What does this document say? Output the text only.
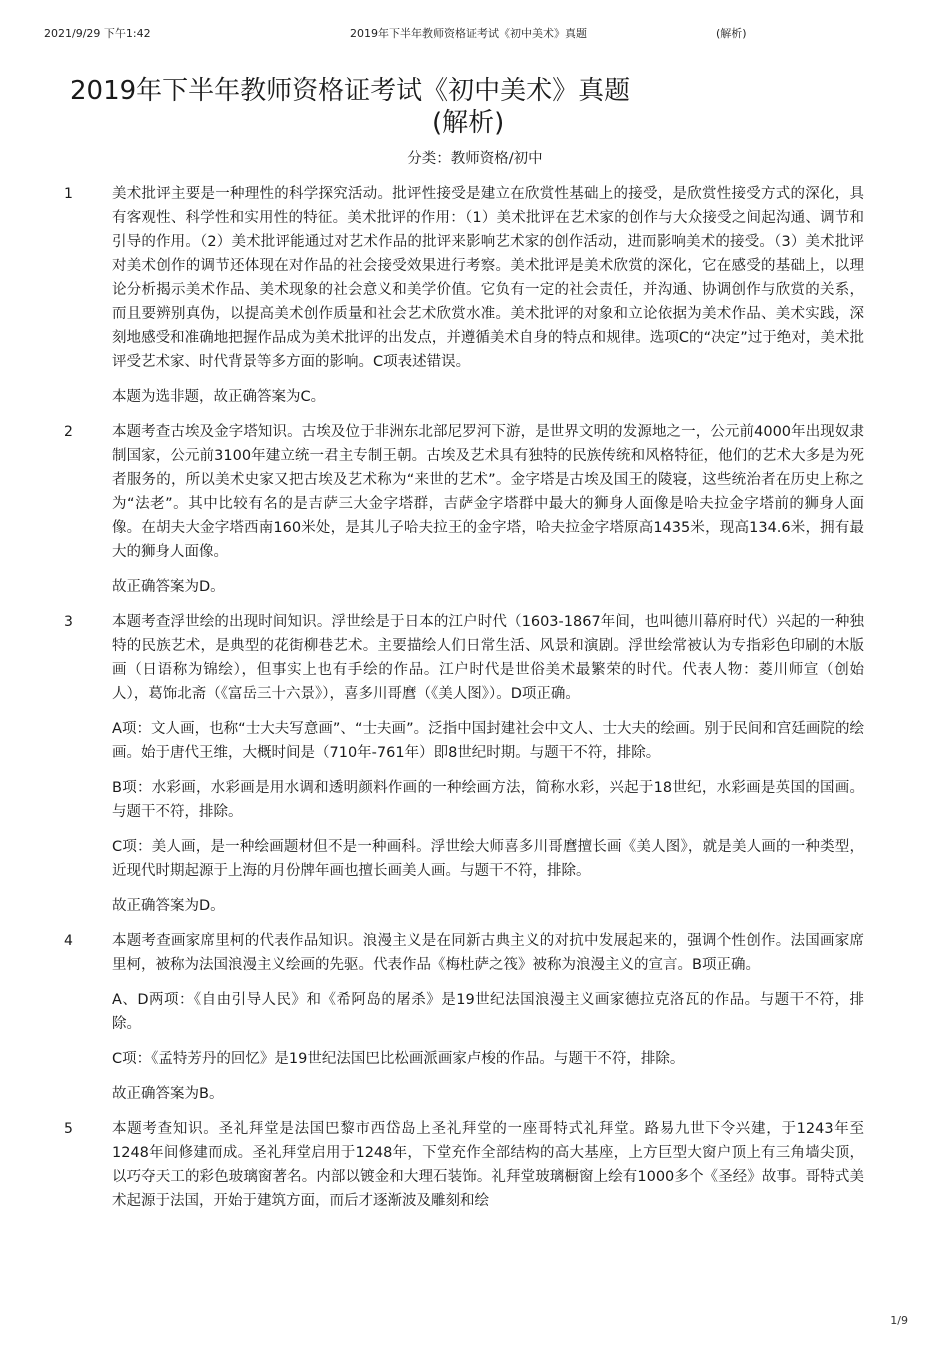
2021/9/29 下午1:42	2019年下半年教师资格证考试《初中美术》真题	(解析)
2019年下半年教师资格证考试《初中美术》真题
(解析)
分类：教师资格/初中
1	美术批评主要是一种理性的科学探究活动。批评性接受是建立在欣赏性基础上的接受，是欣赏性接受方式的深化，具有客观性、科学性和实用性的特征。美术批评的作用：（1）美术批评在艺术家的创作与大众接受之间起沟通、调节和引导的作用。（2）美术批评能通过对艺术作品的批评来影响艺术家的创作活动，进而影响美术的接受。（3）美术批评对美术创作的调节还体现在对作品的社会接受效果进行考察。美术批评是美术欣赏的深化，它在感受的基础上，以理论分析揭示美术作品、美术现象的社会意义和美学价值。它负有一定的社会责任，并沟通、协调创作与欣赏的关系，而且要辨别真伪，以提高美术创作质量和社会艺术欣赏水准。美术批评的对象和立论依据为美术作品、美术实践，深刻地感受和准确地把握作品成为美术批评的出发点，并遵循美术自身的特点和规律。选项C的“决定”过于绝对，美术批评受艺术家、时代背景等多方面的影响。C项表述错误。

本题为选非题，故正确答案为C。

2	本题考查古埃及金字塔知识。古埃及位于非洲东北部尼罗河下游，是世界文明的发源地之一，公元前4000年出现奴隶制国家，公元前3100年建立统一君主专制王朝。古埃及艺术具有独特的民族传统和风格特征，他们的艺术大多是为死者服务的，所以美术史家又把古埃及艺术称为“来世的艺术”。金字塔是古埃及国王的陵寝，这些统治者在历史上称之为“法老”。其中比较有名的是吉萨三大金字塔群，吉萨金字塔群中最大的狮身人面像是哈夫拉金字塔前的狮身人面像。在胡夫大金字塔西南160米处，是其儿子哈夫拉王的金字塔，哈夫拉金字塔原高1435米，现高134.6米，拥有最大的狮身人面像。

故正确答案为D。

3	本题考查浮世绘的出现时间知识。浮世绘是于日本的江户时代（1603-1867年间，也叫德川幕府时代）兴起的一种独特的民族艺术，是典型的花街柳巷艺术。主要描绘人们日常生活、风景和演剧。浮世绘常被认为专指彩色印刷的木版画（日语称为锦绘），但事实上也有手绘的作品。江户时代是世俗美术最繁荣的时代。代表人物：菱川师宣（创始人），葛饰北斋（《富岳三十六景》），喜多川哥麿（《美人图》）。D项正确。

A项：文人画，也称“士大夫写意画”、“士夫画”。泛指中国封建社会中文人、士大夫的绘画。别于民间和宫廷画院的绘画。始于唐代王维，大概时间是（710年-761年）即8世纪时期。与题干不符，排除。

B项：水彩画，水彩画是用水调和透明颜料作画的一种绘画方法，简称水彩，兴起于18世纪，水彩画是英国的国画。与题干不符，排除。

C项：美人画，是一种绘画题材但不是一种画科。浮世绘大师喜多川哥麿擅长画《美人图》，就是美人画的一种类型，近现代时期起源于上海的月份牌年画也擅长画美人画。与题干不符，排除。

故正确答案为D。

4	本题考查画家席里柯的代表作品知识。浪漫主义是在同新古典主义的对抗中发展起来的，强调个性创作。法国画家席里柯，被称为法国浪漫主义绘画的先驱。代表作品《梅杜萨之筏》被称为浪漫主义的宣言。B项正确。

A、D两项：《自由引导人民》和《希阿岛的屠杀》是19世纪法国浪漫主义画家德拉克洛瓦的作品。与题干不符，排除。

C项：《孟特芳丹的回忆》是19世纪法国巴比松画派画家卢梭的作品。与题干不符，排除。

故正确答案为B。

5	本题考查知识。圣礼拜堂是法国巴黎市西岱岛上圣礼拜堂的一座哥特式礼拜堂。路易九世下令兴建，于1243年至1248年间修建而成。圣礼拜堂启用于1248年，下堂充作全部结构的高大基座，上方巨型大窗户顶上有三角墙尖顶，以巧夺天工的彩色玻璃窗著名。内部以镀金和大理石装饰。礼拜堂玻璃橱窗上绘有1000多个《圣经》故事。哥特式美术起源于法国，开始于建筑方面，而后才逐渐波及雕刻和绘

1/9
